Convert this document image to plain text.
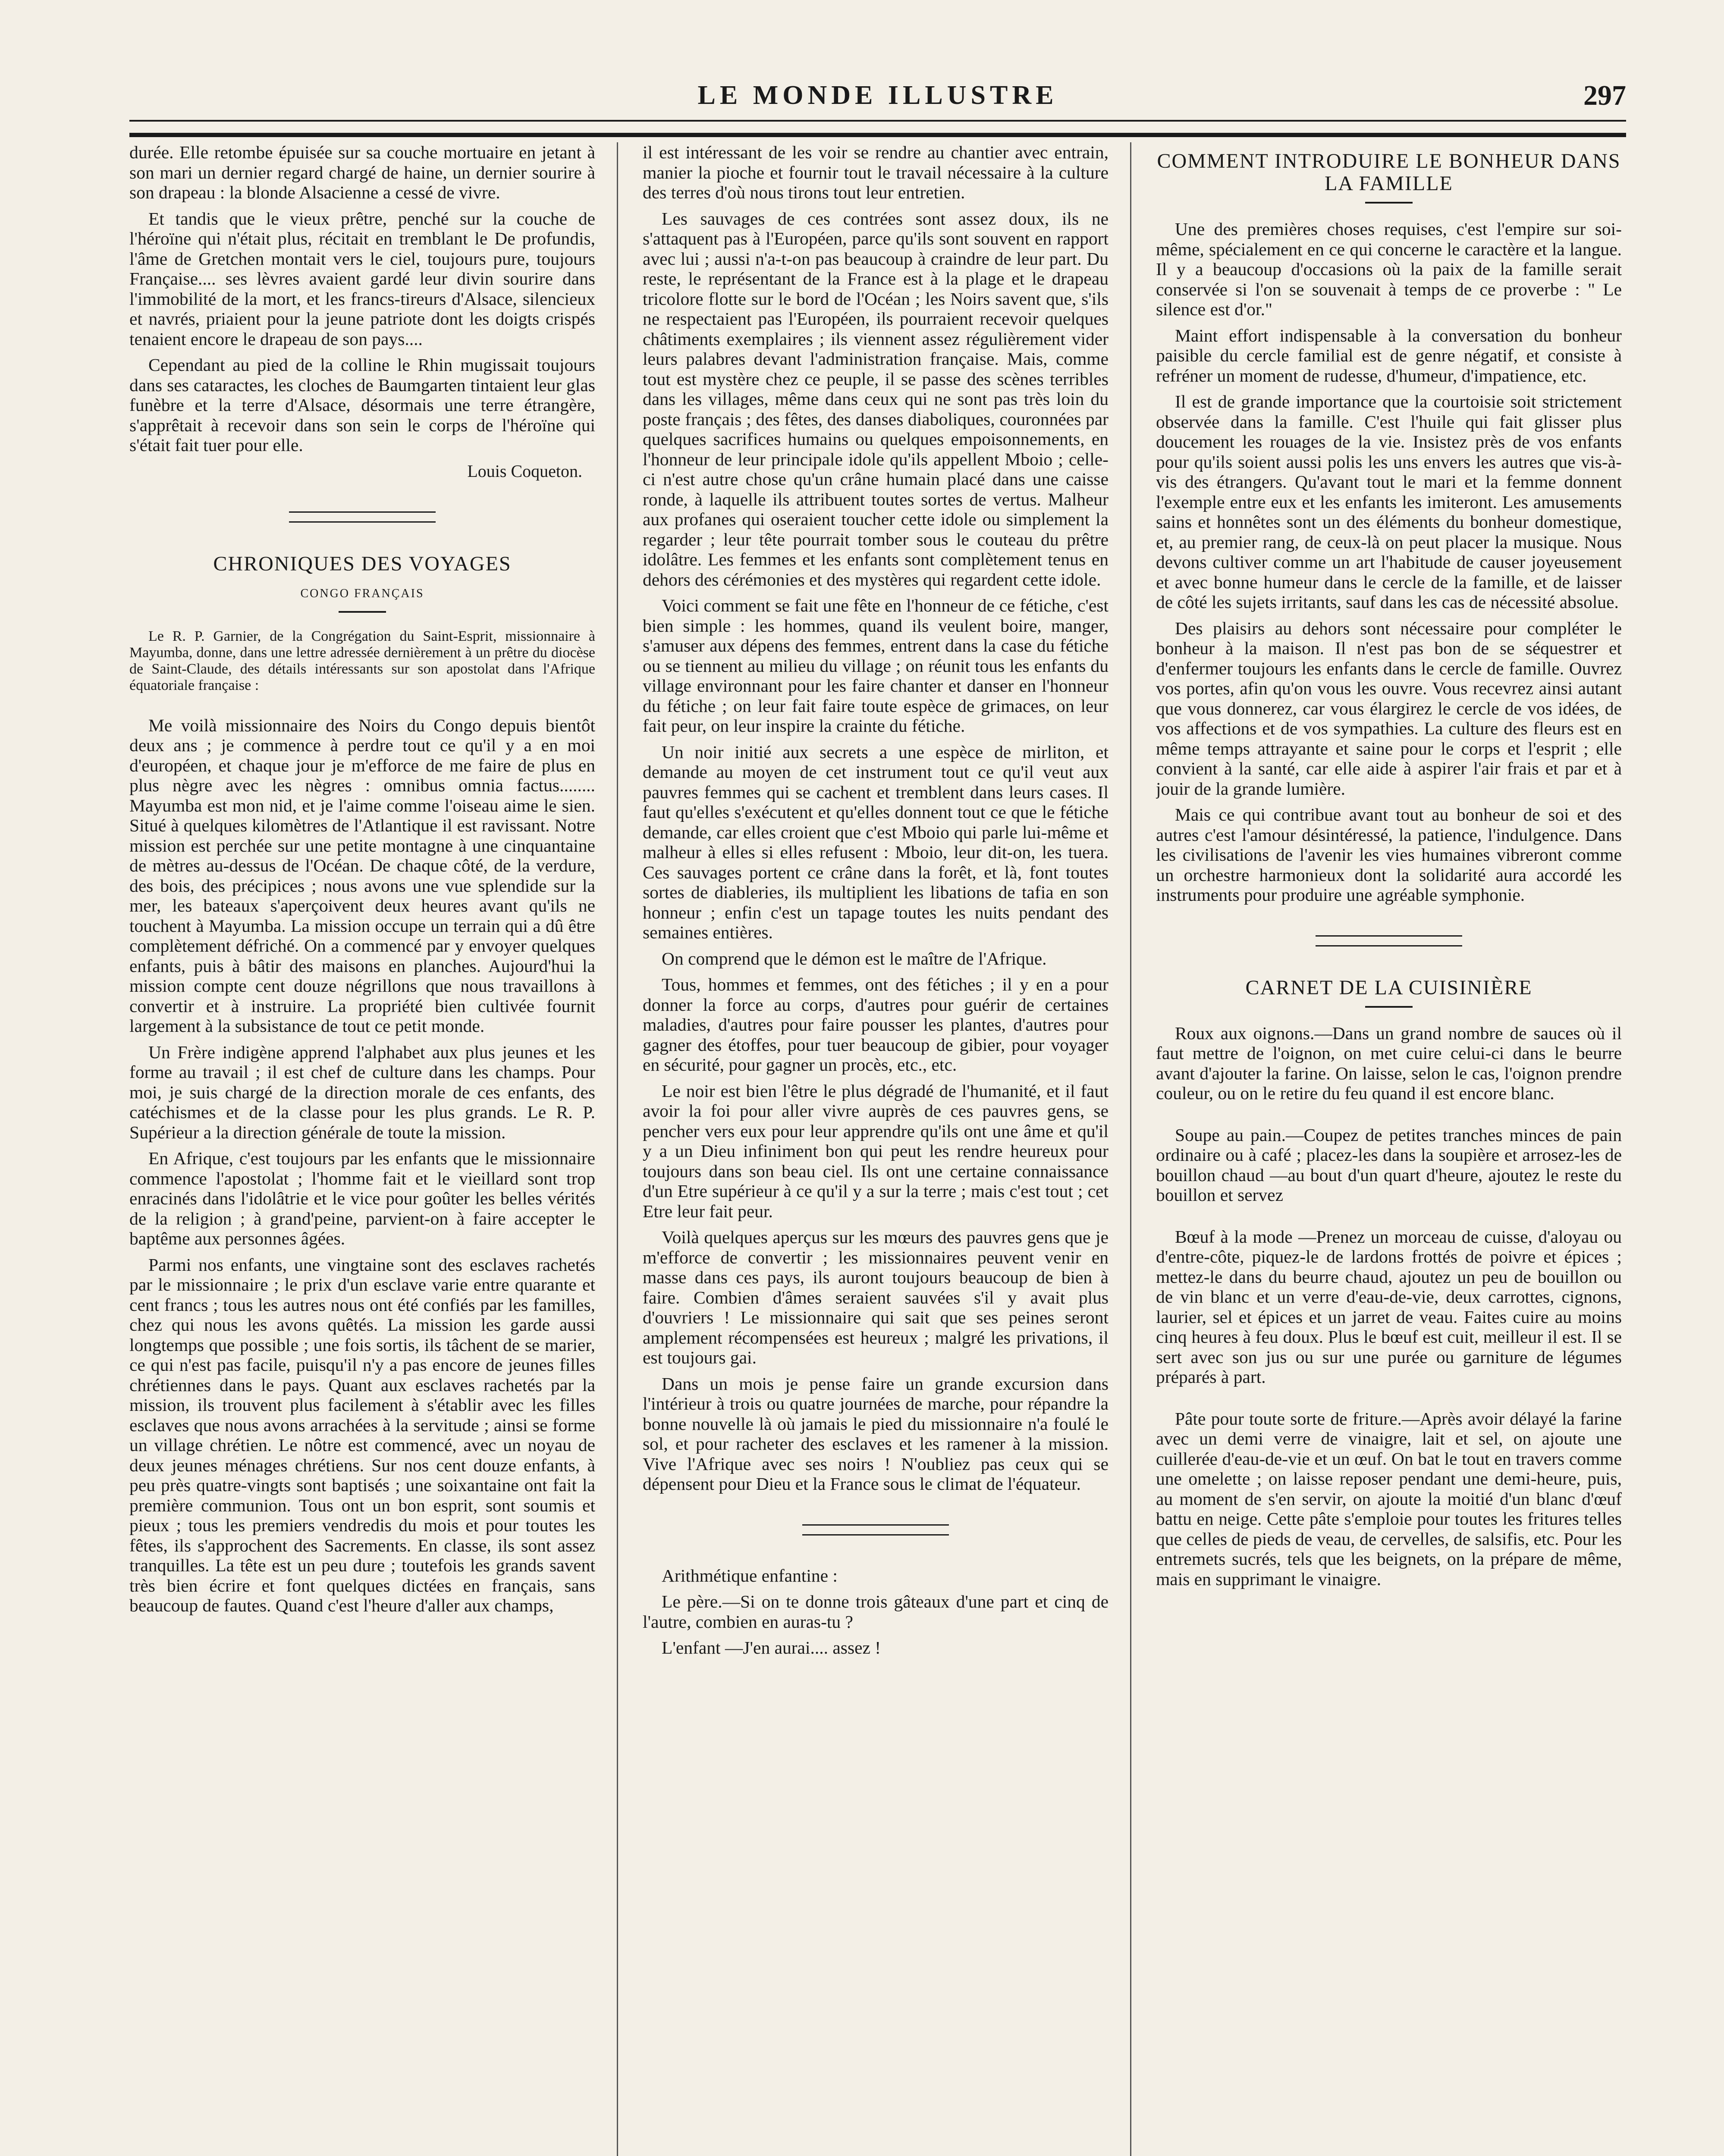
LE MONDE ILLUSTRE	297

durée. Elle retombe épuisée sur sa couche mortuaire en jetant à son mari un dernier regard chargé de haine, un dernier sourire à son drapeau : la blonde Alsacienne a cessé de vivre.

Et tandis que le vieux prêtre, penché sur la couche de l'héroïne qui n'était plus, récitait en tremblant le De profundis, l'âme de Gretchen montait vers le ciel, toujours pure, toujours Française.... ses lèvres avaient gardé leur divin sourire dans l'immobilité de la mort, et les francs-tireurs d'Alsace, silencieux et navrés, priaient pour la jeune patriote dont les doigts crispés tenaient encore le drapeau de son pays....

Cependant au pied de la colline le Rhin mugissait toujours dans ses cataractes, les cloches de Baumgarten tintaient leur glas funèbre et la terre d'Alsace, désormais une terre étrangère, s'apprêtait à recevoir dans son sein le corps de l'héroïne qui s'était fait tuer pour elle.

Louis Coqueton.
CHRONIQUES DES VOYAGES
CONGO FRANÇAIS

Le R. P. Garnier, de la Congrégation du Saint-Esprit, missionnaire à Mayumba, donne, dans une lettre adressée dernièrement à un prêtre du diocèse de Saint-Claude, des détails intéressants sur son apostolat dans l'Afrique équatoriale française :

Me voilà missionnaire des Noirs du Congo depuis bientôt deux ans ; je commence à perdre tout ce qu'il y a en moi d'européen, et chaque jour je m'efforce de me faire de plus en plus nègre avec les nègres : omnibus omnia factus........ Mayumba est mon nid, et je l'aime comme l'oiseau aime le sien. Situé à quelques kilomètres de l'Atlantique il est ravissant. Notre mission est perchée sur une petite montagne à une cinquantaine de mètres au-dessus de l'Océan. De chaque côté, de la verdure, des bois, des précipices ; nous avons une vue splendide sur la mer, les bateaux s'aperçoivent deux heures avant qu'ils ne touchent à Mayumba. La mission occupe un terrain qui a dû être complètement défriché. On a commencé par y envoyer quelques enfants, puis à bâtir des maisons en planches. Aujourd'hui la mission compte cent douze négrillons que nous travaillons à convertir et à instruire. La propriété bien cultivée fournit largement à la subsistance de tout ce petit monde.

Un Frère indigène apprend l'alphabet aux plus jeunes et les forme au travail ; il est chef de culture dans les champs. Pour moi, je suis chargé de la direction morale de ces enfants, des catéchismes et de la classe pour les plus grands. Le R. P. Supérieur a la direction générale de toute la mission.

En Afrique, c'est toujours par les enfants que le missionnaire commence l'apostolat ; l'homme fait et le vieillard sont trop enracinés dans l'idolâtrie et le vice pour goûter les belles vérités de la religion ; à grand'peine, parvient-on à faire accepter le baptême aux personnes âgées.

Parmi nos enfants, une vingtaine sont des esclaves rachetés par le missionnaire ; le prix d'un esclave varie entre quarante et cent francs ; tous les autres nous ont été confiés par les familles, chez qui nous les avons quêtés. La mission les garde aussi longtemps que possible ; une fois sortis, ils tâchent de se marier, ce qui n'est pas facile, puisqu'il n'y a pas encore de jeunes filles chrétiennes dans le pays. Quant aux esclaves rachetés par la mission, ils trouvent plus facilement à s'établir avec les filles esclaves que nous avons arrachées à la servitude ; ainsi se forme un village chrétien. Le nôtre est commencé, avec un noyau de deux jeunes ménages chrétiens. Sur nos cent douze enfants, à peu près quatre-vingts sont baptisés ; une soixantaine ont fait la première communion. Tous ont un bon esprit, sont soumis et pieux ; tous les premiers vendredis du mois et pour toutes les fêtes, ils s'approchent des Sacrements. En classe, ils sont assez tranquilles. La tête est un peu dure ; toutefois les grands savent très bien écrire et font quelques dictées en français, sans beaucoup de fautes. Quand c'est l'heure d'aller aux champs,

il est intéressant de les voir se rendre au chantier avec entrain, manier la pioche et fournir tout le travail nécessaire à la culture des terres d'où nous tirons tout leur entretien.

Les sauvages de ces contrées sont assez doux, ils ne s'attaquent pas à l'Européen, parce qu'ils sont souvent en rapport avec lui ; aussi n'a-t-on pas beaucoup à craindre de leur part. Du reste, le représentant de la France est à la plage et le drapeau tricolore flotte sur le bord de l'Océan ; les Noirs savent que, s'ils ne respectaient pas l'Européen, ils pourraient recevoir quelques châtiments exemplaires ; ils viennent assez régulièrement vider leurs palabres devant l'administration française. Mais, comme tout est mystère chez ce peuple, il se passe des scènes terribles dans les villages, même dans ceux qui ne sont pas très loin du poste français ; des fêtes, des danses diaboliques, couronnées par quelques sacrifices humains ou quelques empoisonnements, en l'honneur de leur principale idole qu'ils appellent Mboio ; celle-ci n'est autre chose qu'un crâne humain placé dans une caisse ronde, à laquelle ils attribuent toutes sortes de vertus. Malheur aux profanes qui oseraient toucher cette idole ou simplement la regarder ; leur tête pourrait tomber sous le couteau du prêtre idolâtre. Les femmes et les enfants sont complètement tenus en dehors des cérémonies et des mystères qui regardent cette idole.

Voici comment se fait une fête en l'honneur de ce fétiche, c'est bien simple : les hommes, quand ils veulent boire, manger, s'amuser aux dépens des femmes, entrent dans la case du fétiche ou se tiennent au milieu du village ; on réunit tous les enfants du village environnant pour les faire chanter et danser en l'honneur du fétiche ; on leur fait faire toute espèce de grimaces, on leur fait peur, on leur inspire la crainte du fétiche.

Un noir initié aux secrets a une espèce de mirliton, et demande au moyen de cet instrument tout ce qu'il veut aux pauvres femmes qui se cachent et tremblent dans leurs cases. Il faut qu'elles s'exécutent et qu'elles donnent tout ce que le fétiche demande, car elles croient que c'est Mboio qui parle lui-même et malheur à elles si elles refusent : Mboio, leur dit-on, les tuera. Ces sauvages portent ce crâne dans la forêt, et là, font toutes sortes de diableries, ils multiplient les libations de tafia en son honneur ; enfin c'est un tapage toutes les nuits pendant des semaines entières.

On comprend que le démon est le maître de l'Afrique.

Tous, hommes et femmes, ont des fétiches ; il y en a pour donner la force au corps, d'autres pour guérir de certaines maladies, d'autres pour faire pousser les plantes, d'autres pour gagner des étoffes, pour tuer beaucoup de gibier, pour voyager en sécurité, pour gagner un procès, etc., etc.

Le noir est bien l'être le plus dégradé de l'humanité, et il faut avoir la foi pour aller vivre auprès de ces pauvres gens, se pencher vers eux pour leur apprendre qu'ils ont une âme et qu'il y a un Dieu infiniment bon qui peut les rendre heureux pour toujours dans son beau ciel. Ils ont une certaine connaissance d'un Etre supérieur à ce qu'il y a sur la terre ; mais c'est tout ; cet Etre leur fait peur.

Voilà quelques aperçus sur les mœurs des pauvres gens que je m'efforce de convertir ; les missionnaires peuvent venir en masse dans ces pays, ils auront toujours beaucoup de bien à faire. Combien d'âmes seraient sauvées s'il y avait plus d'ouvriers ! Le missionnaire qui sait que ses peines seront amplement récompensées est heureux ; malgré les privations, il est toujours gai.

Dans un mois je pense faire un grande excursion dans l'intérieur à trois ou quatre journées de marche, pour répandre la bonne nouvelle là où jamais le pied du missionnaire n'a foulé le sol, et pour racheter des esclaves et les ramener à la mission. Vive l'Afrique avec ses noirs ! N'oubliez pas ceux qui se dépensent pour Dieu et la France sous le climat de l'équateur.

Arithmétique enfantine :

Le père.—Si on te donne trois gâteaux d'une part et cinq de l'autre, combien en auras-tu ?

L'enfant —J'en aurai.... assez !

COMMENT INTRODUIRE LE BONHEUR DANS LA FAMILLE

Une des premières choses requises, c'est l'empire sur soi-même, spécialement en ce qui concerne le caractère et la langue. Il y a beaucoup d'occasions où la paix de la famille serait conservée si l'on se souvenait à temps de ce proverbe : " Le silence est d'or."

Maint effort indispensable à la conversation du bonheur paisible du cercle familial est de genre négatif, et consiste à refréner un moment de rudesse, d'humeur, d'impatience, etc.

Il est de grande importance que la courtoisie soit strictement observée dans la famille. C'est l'huile qui fait glisser plus doucement les rouages de la vie. Insistez près de vos enfants pour qu'ils soient aussi polis les uns envers les autres que vis-à-vis des étrangers. Qu'avant tout le mari et la femme donnent l'exemple entre eux et les enfants les imiteront. Les amusements sains et honnêtes sont un des éléments du bonheur domestique, et, au premier rang, de ceux-là on peut placer la musique. Nous devons cultiver comme un art l'habitude de causer joyeusement et avec bonne humeur dans le cercle de la famille, et de laisser de côté les sujets irritants, sauf dans les cas de nécessité absolue.

Des plaisirs au dehors sont nécessaire pour compléter le bonheur à la maison. Il n'est pas bon de se séquestrer et d'enfermer toujours les enfants dans le cercle de famille. Ouvrez vos portes, afin qu'on vous les ouvre. Vous recevrez ainsi autant que vous donnerez, car vous élargirez le cercle de vos idées, de vos affections et de vos sympathies. La culture des fleurs est en même temps attrayante et saine pour le corps et l'esprit ; elle convient à la santé, car elle aide à aspirer l'air frais et par et à jouir de la grande lumière.

Mais ce qui contribue avant tout au bonheur de soi et des autres c'est l'amour désintéressé, la patience, l'indulgence. Dans les civilisations de l'avenir les vies humaines vibreront comme un orchestre harmonieux dont la solidarité aura accordé les instruments pour produire une agréable symphonie.

CARNET DE LA CUISINIÈRE

Roux aux oignons.—Dans un grand nombre de sauces où il faut mettre de l'oignon, on met cuire celui-ci dans le beurre avant d'ajouter la farine. On laisse, selon le cas, l'oignon prendre couleur, ou on le retire du feu quand il est encore blanc.

Soupe au pain.—Coupez de petites tranches minces de pain ordinaire ou à café ; placez-les dans la soupière et arrosez-les de bouillon chaud —au bout d'un quart d'heure, ajoutez le reste du bouillon et servez

Bœuf à la mode —Prenez un morceau de cuisse, d'aloyau ou d'entre-côte, piquez-le de lardons frottés de poivre et épices ; mettez-le dans du beurre chaud, ajoutez un peu de bouillon ou de vin blanc et un verre d'eau-de-vie, deux carrottes, cignons, laurier, sel et épices et un jarret de veau. Faites cuire au moins cinq heures à feu doux. Plus le bœuf est cuit, meilleur il est. Il se sert avec son jus ou sur une purée ou garniture de légumes préparés à part.

Pâte pour toute sorte de friture.—Après avoir délayé la farine avec un demi verre de vinaigre, lait et sel, on ajoute une cuillerée d'eau-de-vie et un œuf. On bat le tout en travers comme une omelette ; on laisse reposer pendant une demi-heure, puis, au moment de s'en servir, on ajoute la moitié d'un blanc d'œuf battu en neige. Cette pâte s'emploie pour toutes les fritures telles que celles de pieds de veau, de cervelles, de salsifis, etc. Pour les entremets sucrés, tels que les beignets, on la prépare de même, mais en supprimant le vinaigre.
